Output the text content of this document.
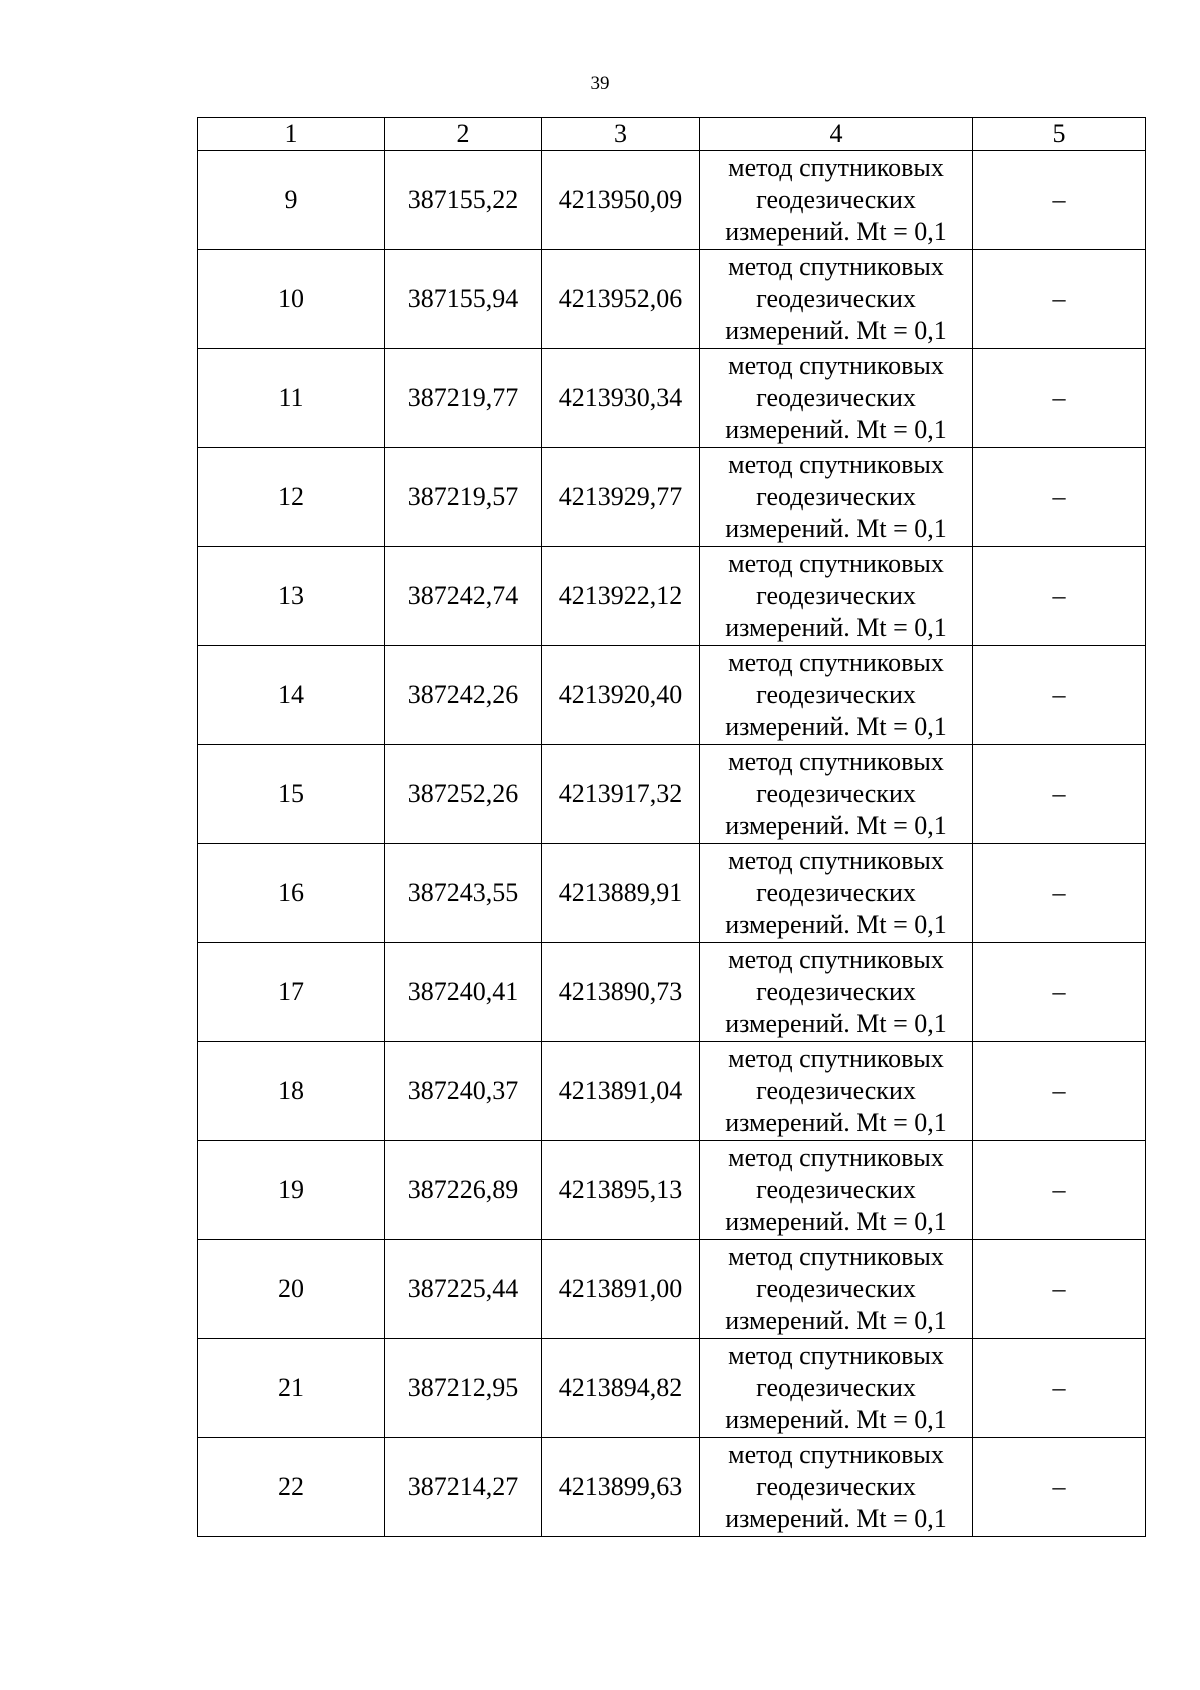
39
1	2	3	4	5
9	387155,22	4213950,09	метод спутниковых
геодезических
измерений. Mt = 0,1	–
10	387155,94	4213952,06	метод спутниковых
геодезических
измерений. Mt = 0,1	–
11	387219,77	4213930,34	метод спутниковых
геодезических
измерений. Mt = 0,1	–
12	387219,57	4213929,77	метод спутниковых
геодезических
измерений. Mt = 0,1	–
13	387242,74	4213922,12	метод спутниковых
геодезических
измерений. Mt = 0,1	–
14	387242,26	4213920,40	метод спутниковых
геодезических
измерений. Mt = 0,1	–
15	387252,26	4213917,32	метод спутниковых
геодезических
измерений. Mt = 0,1	–
16	387243,55	4213889,91	метод спутниковых
геодезических
измерений. Mt = 0,1	–
17	387240,41	4213890,73	метод спутниковых
геодезических
измерений. Mt = 0,1	–
18	387240,37	4213891,04	метод спутниковых
геодезических
измерений. Mt = 0,1	–
19	387226,89	4213895,13	метод спутниковых
геодезических
измерений. Mt = 0,1	–
20	387225,44	4213891,00	метод спутниковых
геодезических
измерений. Mt = 0,1	–
21	387212,95	4213894,82	метод спутниковых
геодезических
измерений. Mt = 0,1	–
22	387214,27	4213899,63	метод спутниковых
геодезических
измерений. Mt = 0,1	–
